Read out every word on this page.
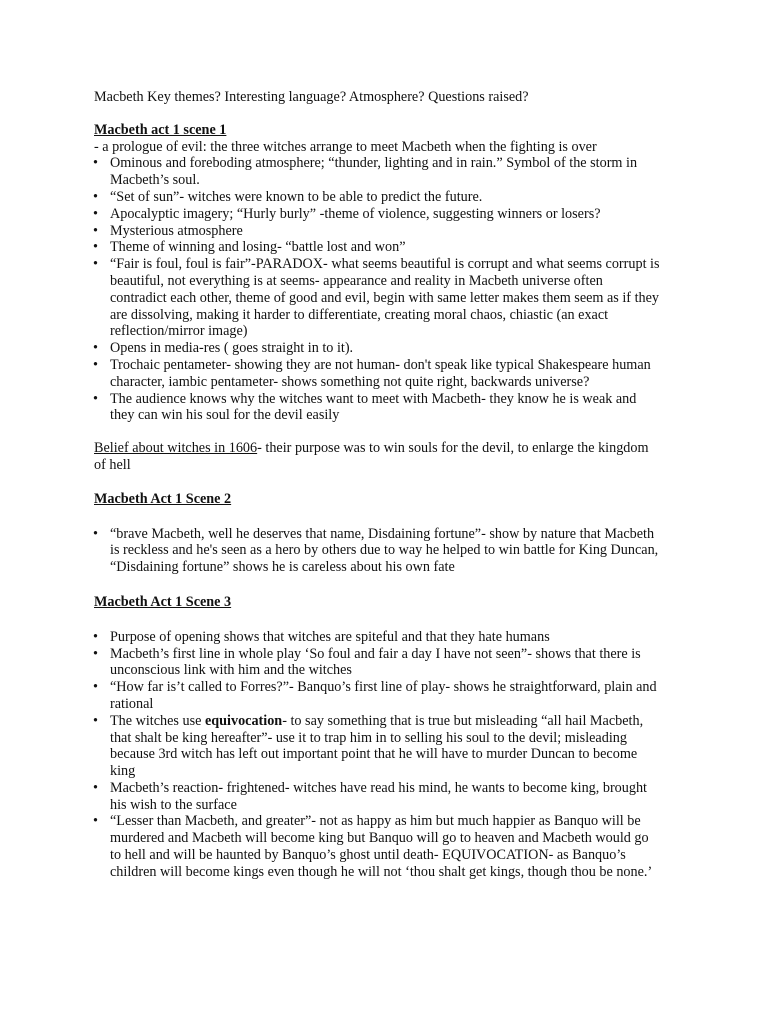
Macbeth Key themes? Interesting language? Atmosphere? Questions raised?

Macbeth act 1 scene 1

- a prologue of evil: the three witches arrange to meet Macbeth when the fighting is over

• Ominous and foreboding atmosphere; “thunder, lighting and in rain.” Symbol of the storm in Macbeth’s soul.
• “Set of sun”- witches were known to be able to predict the future.
• Apocalyptic imagery; “Hurly burly” -theme of violence, suggesting winners or losers?
• Mysterious atmosphere
• Theme of winning and losing- “battle lost and won”
• “Fair is foul, foul is fair”-PARADOX- what seems beautiful is corrupt and what seems corrupt is beautiful, not everything is at seems- appearance and reality in Macbeth universe often contradict each other, theme of good and evil, begin with same letter makes them seem as if they are dissolving, making it harder to differentiate, creating moral chaos, chiastic (an exact reflection/mirror image)
• Opens in media-res ( goes straight in to it).
• Trochaic pentameter- showing they are not human- don't speak like typical Shakespeare human character, iambic pentameter- shows something not quite right, backwards universe?
• The audience knows why the witches want to meet with Macbeth- they know he is weak and they can win his soul for the devil easily

Belief about witches in 1606- their purpose was to win souls for the devil, to enlarge the kingdom of hell

Macbeth Act 1 Scene 2

• “brave Macbeth, well he deserves that name, Disdaining fortune”- show by nature that Macbeth is reckless and he's seen as a hero by others due to way he helped to win battle for King Duncan, “Disdaining fortune” shows he is careless about his own fate

Macbeth Act 1 Scene 3

• Purpose of opening shows that witches are spiteful and that they hate humans
• Macbeth’s first line in whole play ‘So foul and fair a day I have not seen”- shows that there is unconscious link with him and the witches
• “How far is’t called to Forres?”- Banquo’s first line of play- shows he straightforward, plain and rational
• The witches use equivocation- to say something that is true but misleading “all hail Macbeth, that shalt be king hereafter”- use it to trap him in to selling his soul to the devil; misleading because 3rd witch has left out important point that he will have to murder Duncan to become king
• Macbeth’s reaction- frightened- witches have read his mind, he wants to become king, brought his wish to the surface
• “Lesser than Macbeth, and greater”- not as happy as him but much happier as Banquo will be murdered and Macbeth will become king but Banquo will go to heaven and Macbeth would go to hell and will be haunted by Banquo’s ghost until death- EQUIVOCATION- as Banquo’s children will become kings even though he will not ‘thou shalt get kings, though thou be none.’
